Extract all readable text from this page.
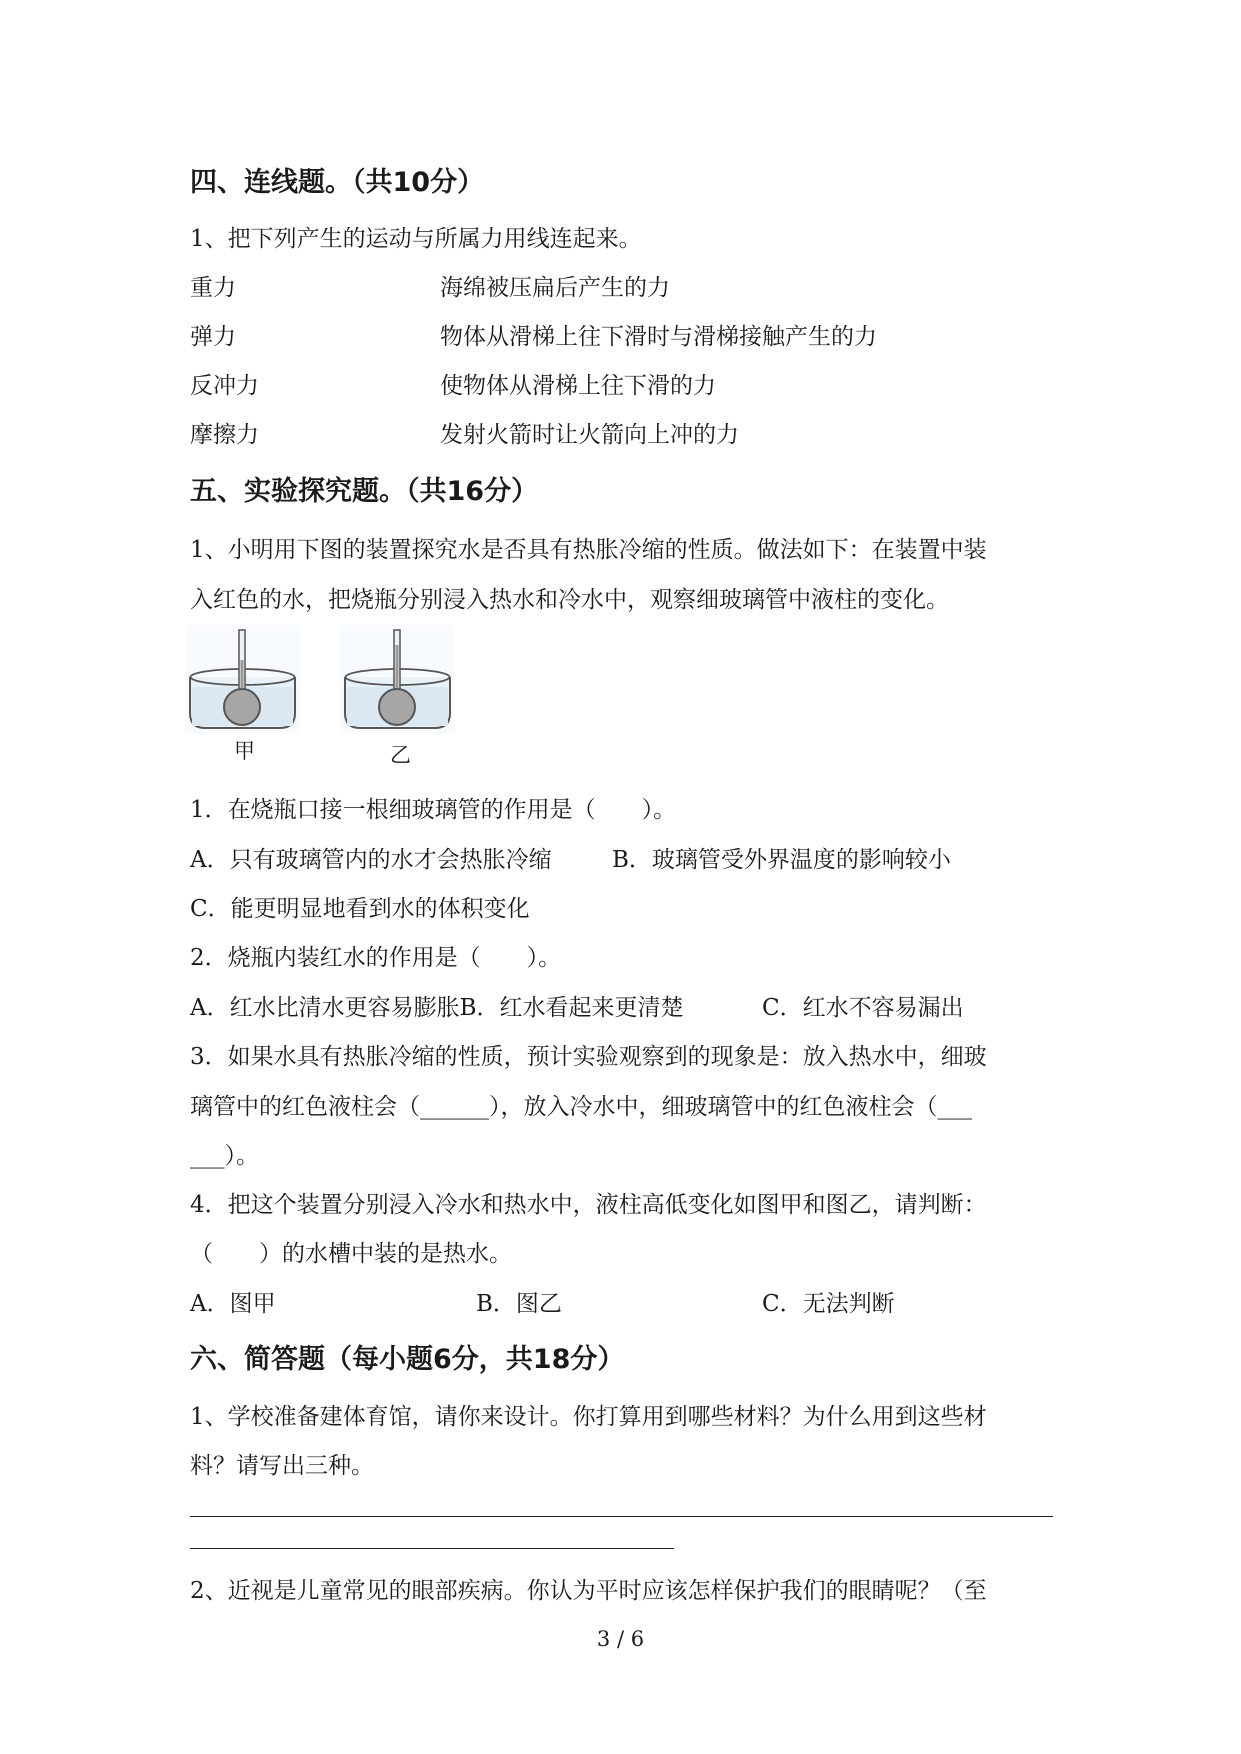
四、连线题。（共10分）
1、把下列产生的运动与所属力用线连起来。
重力	海绵被压扁后产生的力
弹力	物体从滑梯上往下滑时与滑梯接触产生的力
反冲力	使物体从滑梯上往下滑的力
摩擦力	发射火箭时让火箭向上冲的力
五、实验探究题。（共16分）
1、小明用下图的装置探究水是否具有热胀冷缩的性质。做法如下：在装置中装
入红色的水，把烧瓶分别浸入热水和冷水中，观察细玻璃管中液柱的变化。
甲	乙
1．在烧瓶口接一根细玻璃管的作用是（　　）。
A．只有玻璃管内的水才会热胀冷缩	B．玻璃管受外界温度的影响较小
C．能更明显地看到水的体积变化
2．烧瓶内装红水的作用是（　　）。
A．红水比清水更容易膨胀B．红水看起来更清楚	C．红水不容易漏出
3．如果水具有热胀冷缩的性质，预计实验观察到的现象是：放入热水中，细玻
璃管中的红色液柱会（______），放入冷水中，细玻璃管中的红色液柱会（___
___）。
4．把这个装置分别浸入冷水和热水中，液柱高低变化如图甲和图乙，请判断：
（　　）的水槽中装的是热水。
A．图甲	B．图乙	C．无法判断
六、简答题（每小题6分，共18分）
1、学校准备建体育馆，请你来设计。你打算用到哪些材料？为什么用到这些材
料？请写出三种。
2、近视是儿童常见的眼部疾病。你认为平时应该怎样保护我们的眼睛呢？（至
3 / 6
